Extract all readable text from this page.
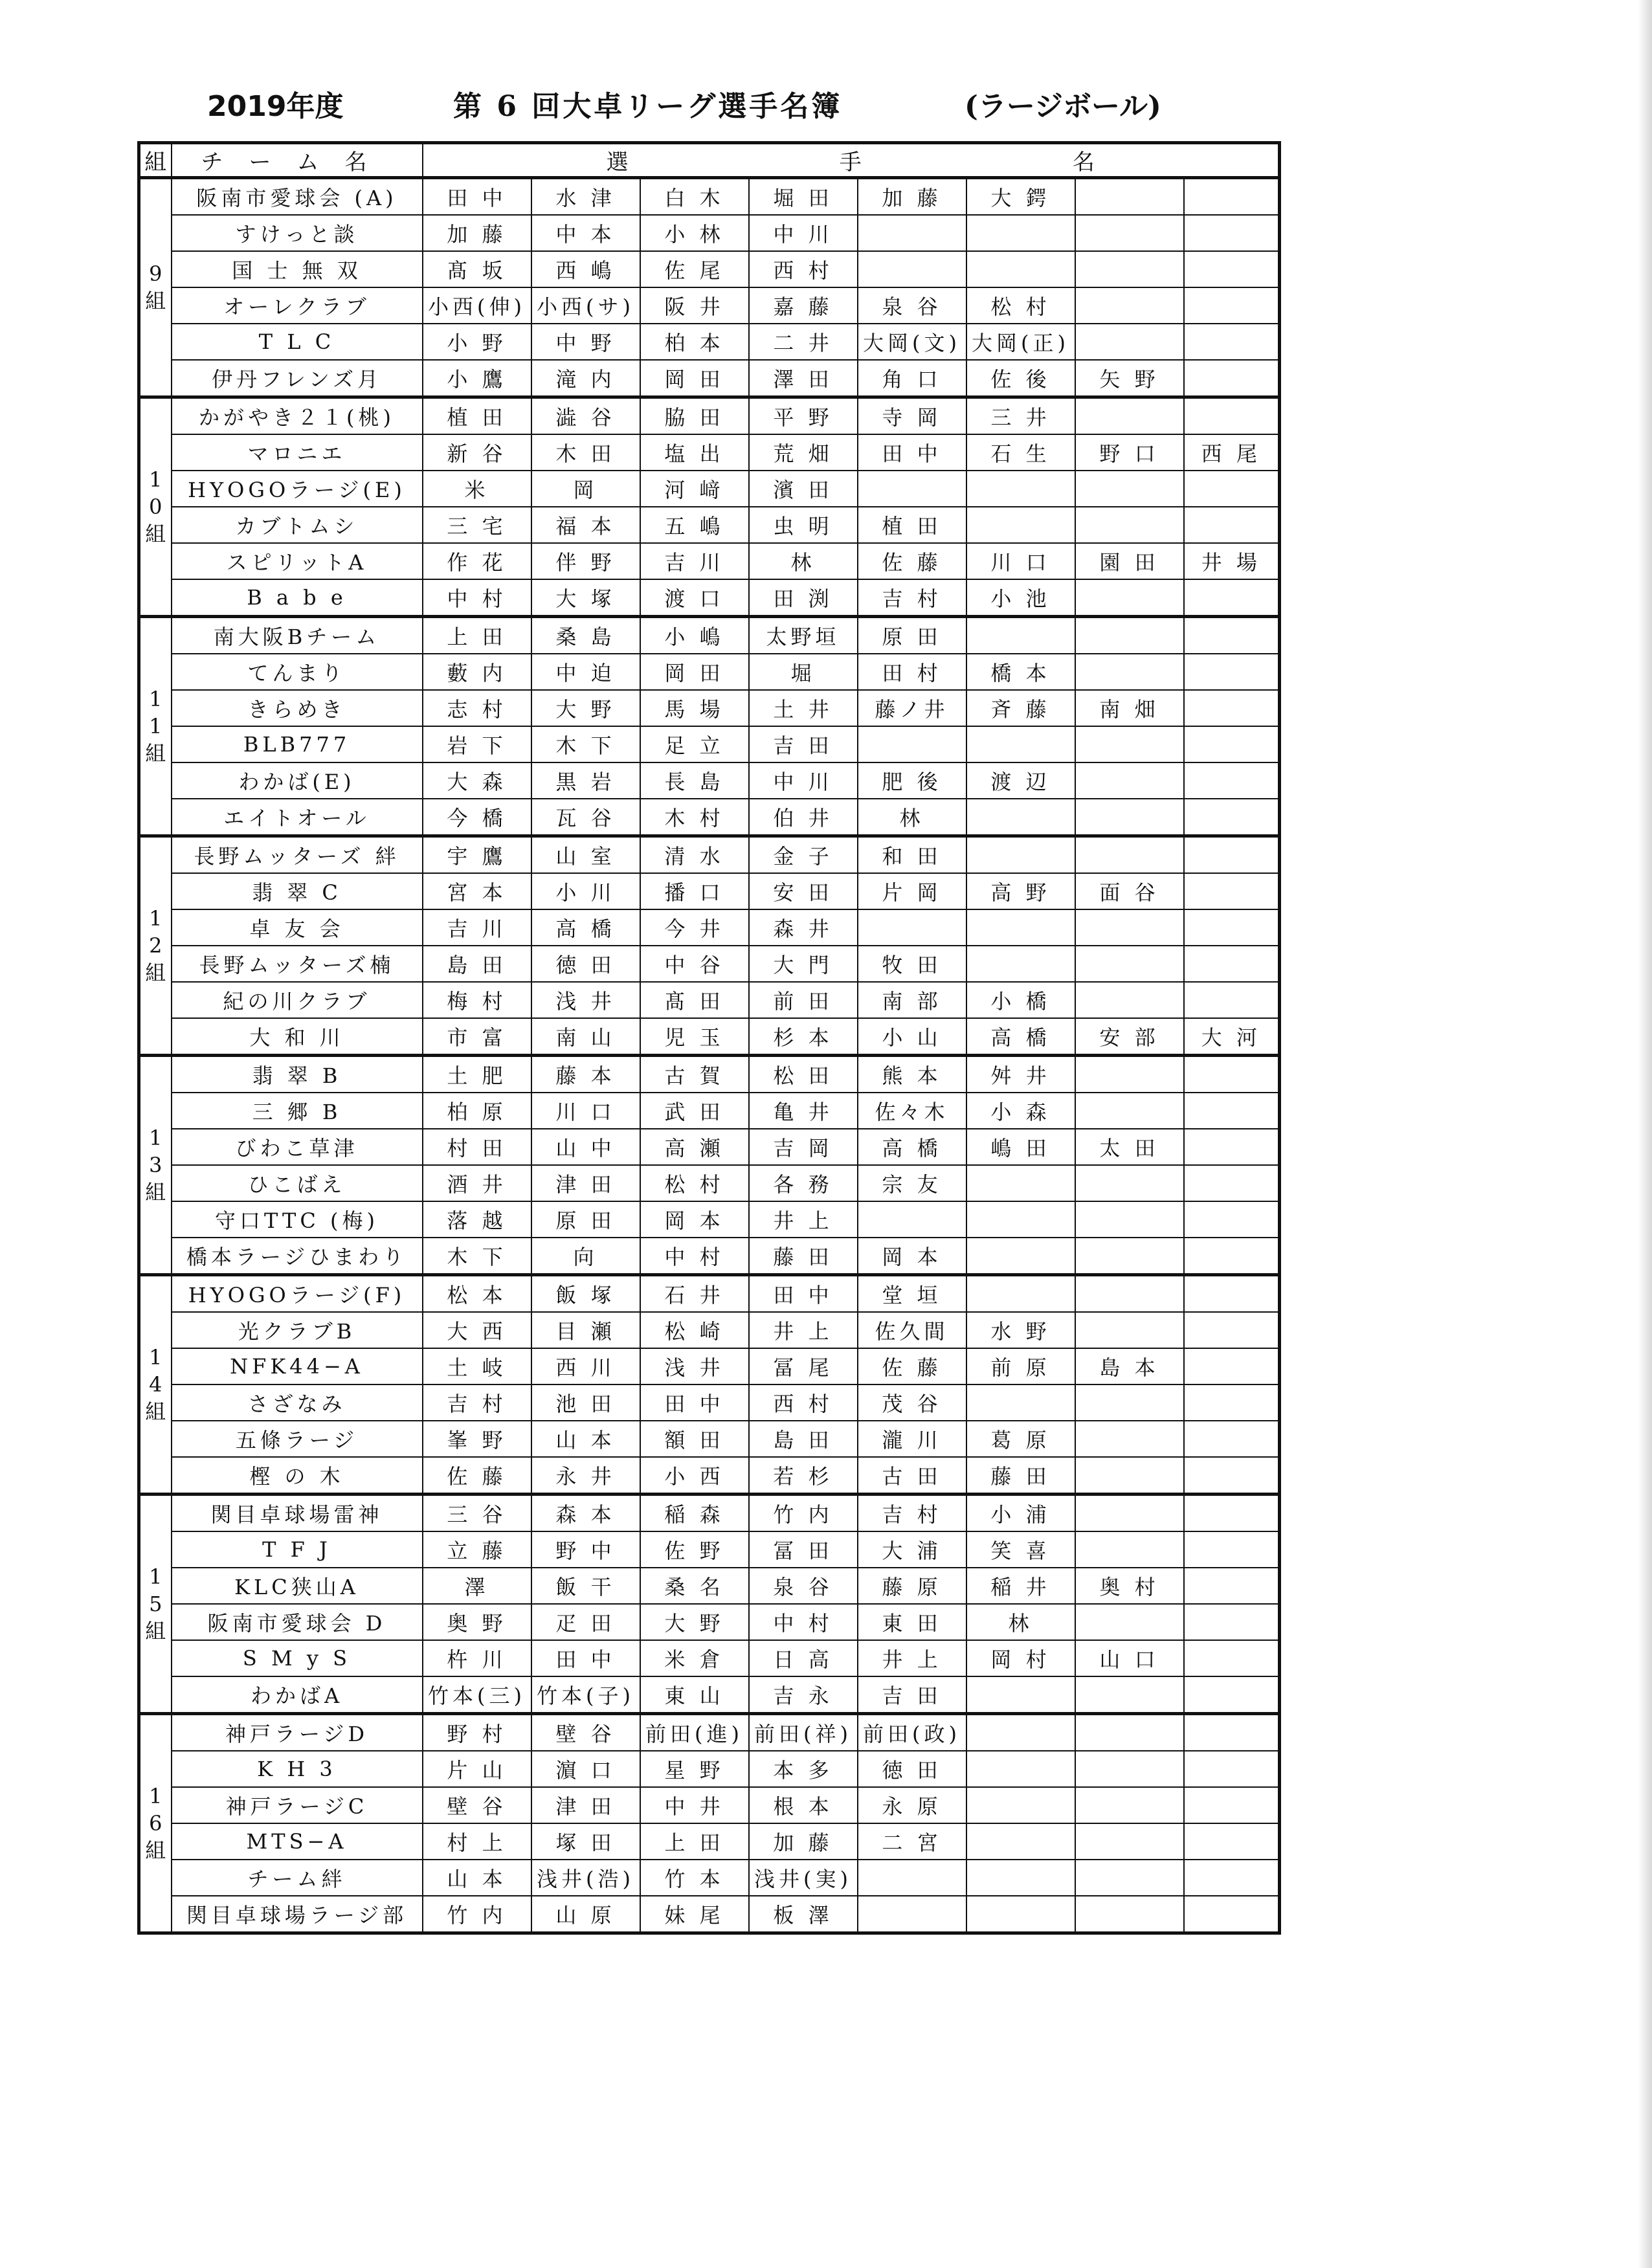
2019年度	第 6 回大卓リーグ選手名簿	(ラージボール)
組	チーム名	選 手 名							

9
組	阪南市愛球会 (A)	田 中	水 津	白 木	堀 田	加 藤	大 鍔		
	すけっと談	加 藤	中 本	小 林	中 川				
	国 士 無 双	髙 坂	西 嶋	佐 尾	西 村				
	オーレクラブ	小西(伸)	小西(サ)	阪 井	嘉 藤	泉 谷	松 村		
	T L C	小 野	中 野	柏 本	二 井	大岡(文)	大岡(正)		
	伊丹フレンズ月	小 鷹	滝 内	岡 田	澤 田	角 口	佐 後	矢 野	

1
0
組	かがやき２１(桃)	植 田	澁 谷	脇 田	平 野	寺 岡	三 井		
	マロニエ	新 谷	木 田	塩 出	荒 畑	田 中	石 生	野 口	西 尾
	HYOGOラージ(E)	米	岡	河 﨑	濱 田				
	カブトムシ	三 宅	福 本	五 嶋	虫 明	植 田			
	スピリットA	作 花	伴 野	吉 川	林	佐 藤	川 口	園 田	井 場
	B a b e	中 村	大 塚	渡 口	田 渕	吉 村	小 池		

1
1
組	南大阪Bチーム	上 田	桑 島	小 嶋	太野垣	原 田			
	てんまり	藪 内	中 迫	岡 田	堀	田 村	橋 本		
	きらめき	志 村	大 野	馬 場	土 井	藤ノ井	斉 藤	南 畑	
	BLB777	岩 下	木 下	足 立	吉 田				
	わかば(E)	大 森	黒 岩	長 島	中 川	肥 後	渡 辺		
	エイトオール	今 橋	瓦 谷	木 村	伯 井	林			

1
2
組	長野ムッターズ 絆	宇 鷹	山 室	清 水	金 子	和 田			
	翡 翠 C	宮 本	小 川	播 口	安 田	片 岡	高 野	面 谷	
	卓 友 会	吉 川	高 橋	今 井	森 井				
	長野ムッターズ楠	島 田	徳 田	中 谷	大 門	牧 田			
	紀の川クラブ	梅 村	浅 井	髙 田	前 田	南 部	小 橋		
	大 和 川	市 富	南 山	児 玉	杉 本	小 山	高 橋	安 部	大 河

1
3
組	翡 翠 B	土 肥	藤 本	古 賀	松 田	熊 本	舛 井		
	三 郷 B	柏 原	川 口	武 田	亀 井	佐々木	小 森		
	びわこ草津	村 田	山 中	高 瀬	吉 岡	高 橋	嶋 田	太 田	
	ひこばえ	酒 井	津 田	松 村	各 務	宗 友			
	守口TTC (梅)	落 越	原 田	岡 本	井 上				
	橋本ラージひまわり	木 下	向	中 村	藤 田	岡 本			

1
4
組	HYOGOラージ(F)	松 本	飯 塚	石 井	田 中	堂 垣			
	光クラブB	大 西	目 瀬	松 崎	井 上	佐久間	水 野		
	NFK44−A	土 岐	西 川	浅 井	冨 尾	佐 藤	前 原	島 本	
	さざなみ	吉 村	池 田	田 中	西 村	茂 谷			
	五條ラージ	峯 野	山 本	額 田	島 田	瀧 川	葛 原		
	樫 の 木	佐 藤	永 井	小 西	若 杉	古 田	藤 田		

1
5
組	関目卓球場雷神	三 谷	森 本	稲 森	竹 内	吉 村	小 浦		
	T F J	立 藤	野 中	佐 野	冨 田	大 浦	笑 喜		
	KLC狭山A	澤	飯 干	桑 名	泉 谷	藤 原	稲 井	奥 村	
	阪南市愛球会 D	奥 野	疋 田	大 野	中 村	東 田	林		
	S M y S	杵 川	田 中	米 倉	日 高	井 上	岡 村	山 口	
	わかばA	竹本(三)	竹本(子)	東 山	吉 永	吉 田			

1
6
組	神戸ラージD	野 村	壁 谷	前田(進)	前田(祥)	前田(政)			
	K H 3	片 山	濵 口	星 野	本 多	徳 田			
	神戸ラージC	壁 谷	津 田	中 井	根 本	永 原			
	MTS−A	村 上	塚 田	上 田	加 藤	二 宮			
	チーム絆	山 本	浅井(浩)	竹 本	浅井(実)				
	関目卓球場ラージ部	竹 内	山 原	妹 尾	板 澤				
